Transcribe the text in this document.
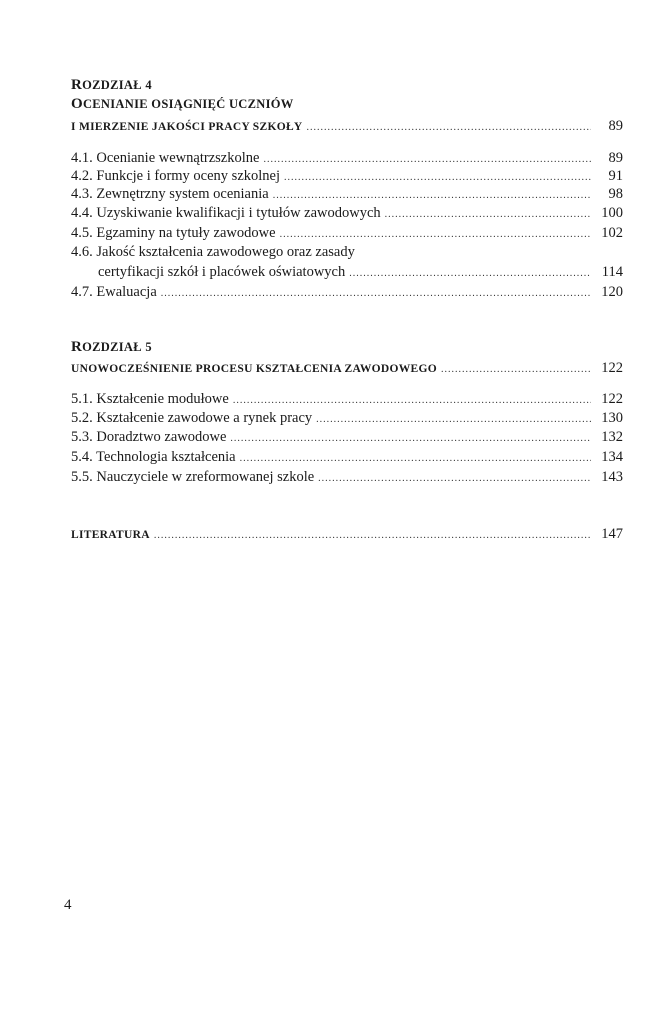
ROZDZIAŁ 4
OCENIANIE OSIĄGNIĘĆ UCZNIÓW
I MIERZENIE JAKOŚCI PRACY SZKOŁY .....	89
4.1. Ocenianie wewnątrzszkolne .....	89
4.2. Funkcje i formy oceny szkolnej .....	91
4.3. Zewnętrzny system oceniania .....	98
4.4. Uzyskiwanie kwalifikacji i tytułów zawodowych .....	100
4.5. Egzaminy na tytuły zawodowe .....	102
4.6. Jakość kształcenia zawodowego oraz zasady
certyfikacji szkół i placówek oświatowych .....	114
4.7. Ewaluacja .....	120
ROZDZIAŁ 5
UNOWOCZEŚNIENIE PROCESU KSZTAŁCENIA ZAWODOWEGO .....	122
5.1. Kształcenie modułowe .....	122
5.2. Kształcenie zawodowe a rynek pracy .....	130
5.3. Doradztwo zawodowe .....	132
5.4. Technologia kształcenia .....	134
5.5. Nauczyciele w zreformowanej szkole .....	143
LITERATURA .....	147
4
